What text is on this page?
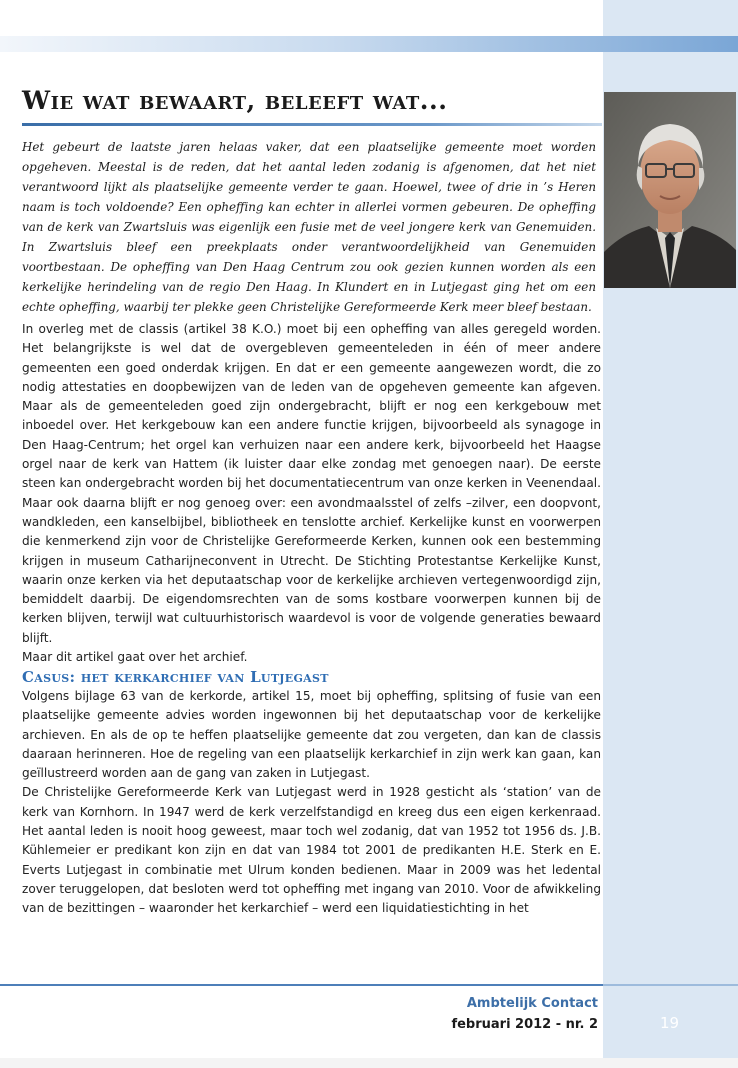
Wie wat bewaart, beleeft wat...

Het gebeurt de laatste jaren helaas vaker, dat een plaatselijke gemeente moet worden opgeheven. Meestal is de reden, dat het aantal leden zodanig is afgenomen, dat het niet verantwoord lijkt als plaatselijke gemeente verder te gaan. Hoewel, twee of drie in ’s Heren naam is toch voldoende? Een opheffing kan echter in allerlei vormen gebeuren. De opheffing van de kerk van Zwartsluis was eigenlijk een fusie met de veel jongere kerk van Genemuiden. In Zwartsluis bleef een preekplaats onder verantwoordelijkheid van Genemuiden voortbestaan. De opheffing van Den Haag Centrum zou ook gezien kunnen worden als een kerkelijke herindeling van de regio Den Haag. In Klundert en in Lutjegast ging het om een echte opheffing, waarbij ter plekke geen Christelijke Gereformeerde Kerk meer bleef bestaan.

In overleg met de classis (artikel 38 K.O.) moet bij een opheffing van alles geregeld worden. Het belangrijkste is wel dat de overgebleven gemeenteleden in één of meer andere gemeenten een goed onderdak krijgen. En dat er een gemeente aangewezen wordt, die zo nodig attestaties en doopbewijzen van de leden van de opgeheven gemeente kan afgeven. Maar als de gemeenteleden goed zijn ondergebracht, blijft er nog een kerkgebouw met inboedel over. Het kerkgebouw kan een andere functie krijgen, bijvoorbeeld als synagoge in Den Haag-Centrum; het orgel kan verhuizen naar een andere kerk, bijvoorbeeld het Haagse orgel naar de kerk van Hattem (ik luister daar elke zondag met genoegen naar). De eerste steen kan ondergebracht worden bij het documentatiecentrum van onze kerken in Veenendaal. Maar ook daarna blijft er nog genoeg over: een avondmaalsstel of zelfs –zilver, een doopvont, wandkleden, een kanselbijbel, bibliotheek en tenslotte archief. Kerkelijke kunst en voorwerpen die kenmerkend zijn voor de Christelijke Gereformeerde Kerken, kunnen ook een bestemming krijgen in museum Catharijneconvent in Utrecht. De Stichting Protestantse Kerkelijke Kunst, waarin onze kerken via het deputaatschap voor de kerkelijke archieven vertegenwoordigd zijn, bemiddelt daarbij. De eigendomsrechten van de soms kostbare voorwerpen kunnen bij de kerken blijven, terwijl wat cultuurhistorisch waardevol is voor de volgende generaties bewaard blijft.

Maar dit artikel gaat over het archief.

Casus: het kerkarchief van Lutjegast

Volgens bijlage 63 van de kerkorde, artikel 15, moet bij opheffing, splitsing of fusie van een plaatselijke gemeente advies worden ingewonnen bij het deputaatschap voor de kerkelijke archieven. En als de op te heffen plaatselijke gemeente dat zou vergeten, dan kan de classis daaraan herinneren. Hoe de regeling van een plaatselijk kerkarchief in zijn werk kan gaan, kan geïllustreerd worden aan de gang van zaken in Lutjegast.

De Christelijke Gereformeerde Kerk van Lutjegast werd in 1928 gesticht als ‘station’ van de kerk van Kornhorn. In 1947 werd de kerk verzelfstandigd en kreeg dus een eigen kerkenraad. Het aantal leden is nooit hoog geweest, maar toch wel zodanig, dat van 1952 tot 1956 ds. J.B. Kühlemeier er predikant kon zijn en dat van 1984 tot 2001 de predikanten H.E. Sterk en E. Everts Lutjegast in combinatie met Ulrum konden bedienen. Maar in 2009 was het ledental zover teruggelopen, dat besloten werd tot opheffing met ingang van 2010. Voor de afwikkeling van de bezittingen – waaronder het kerkarchief – werd een liquidatiestichting in het

Ambtelijk Contact

februari 2012 - nr. 2	19
